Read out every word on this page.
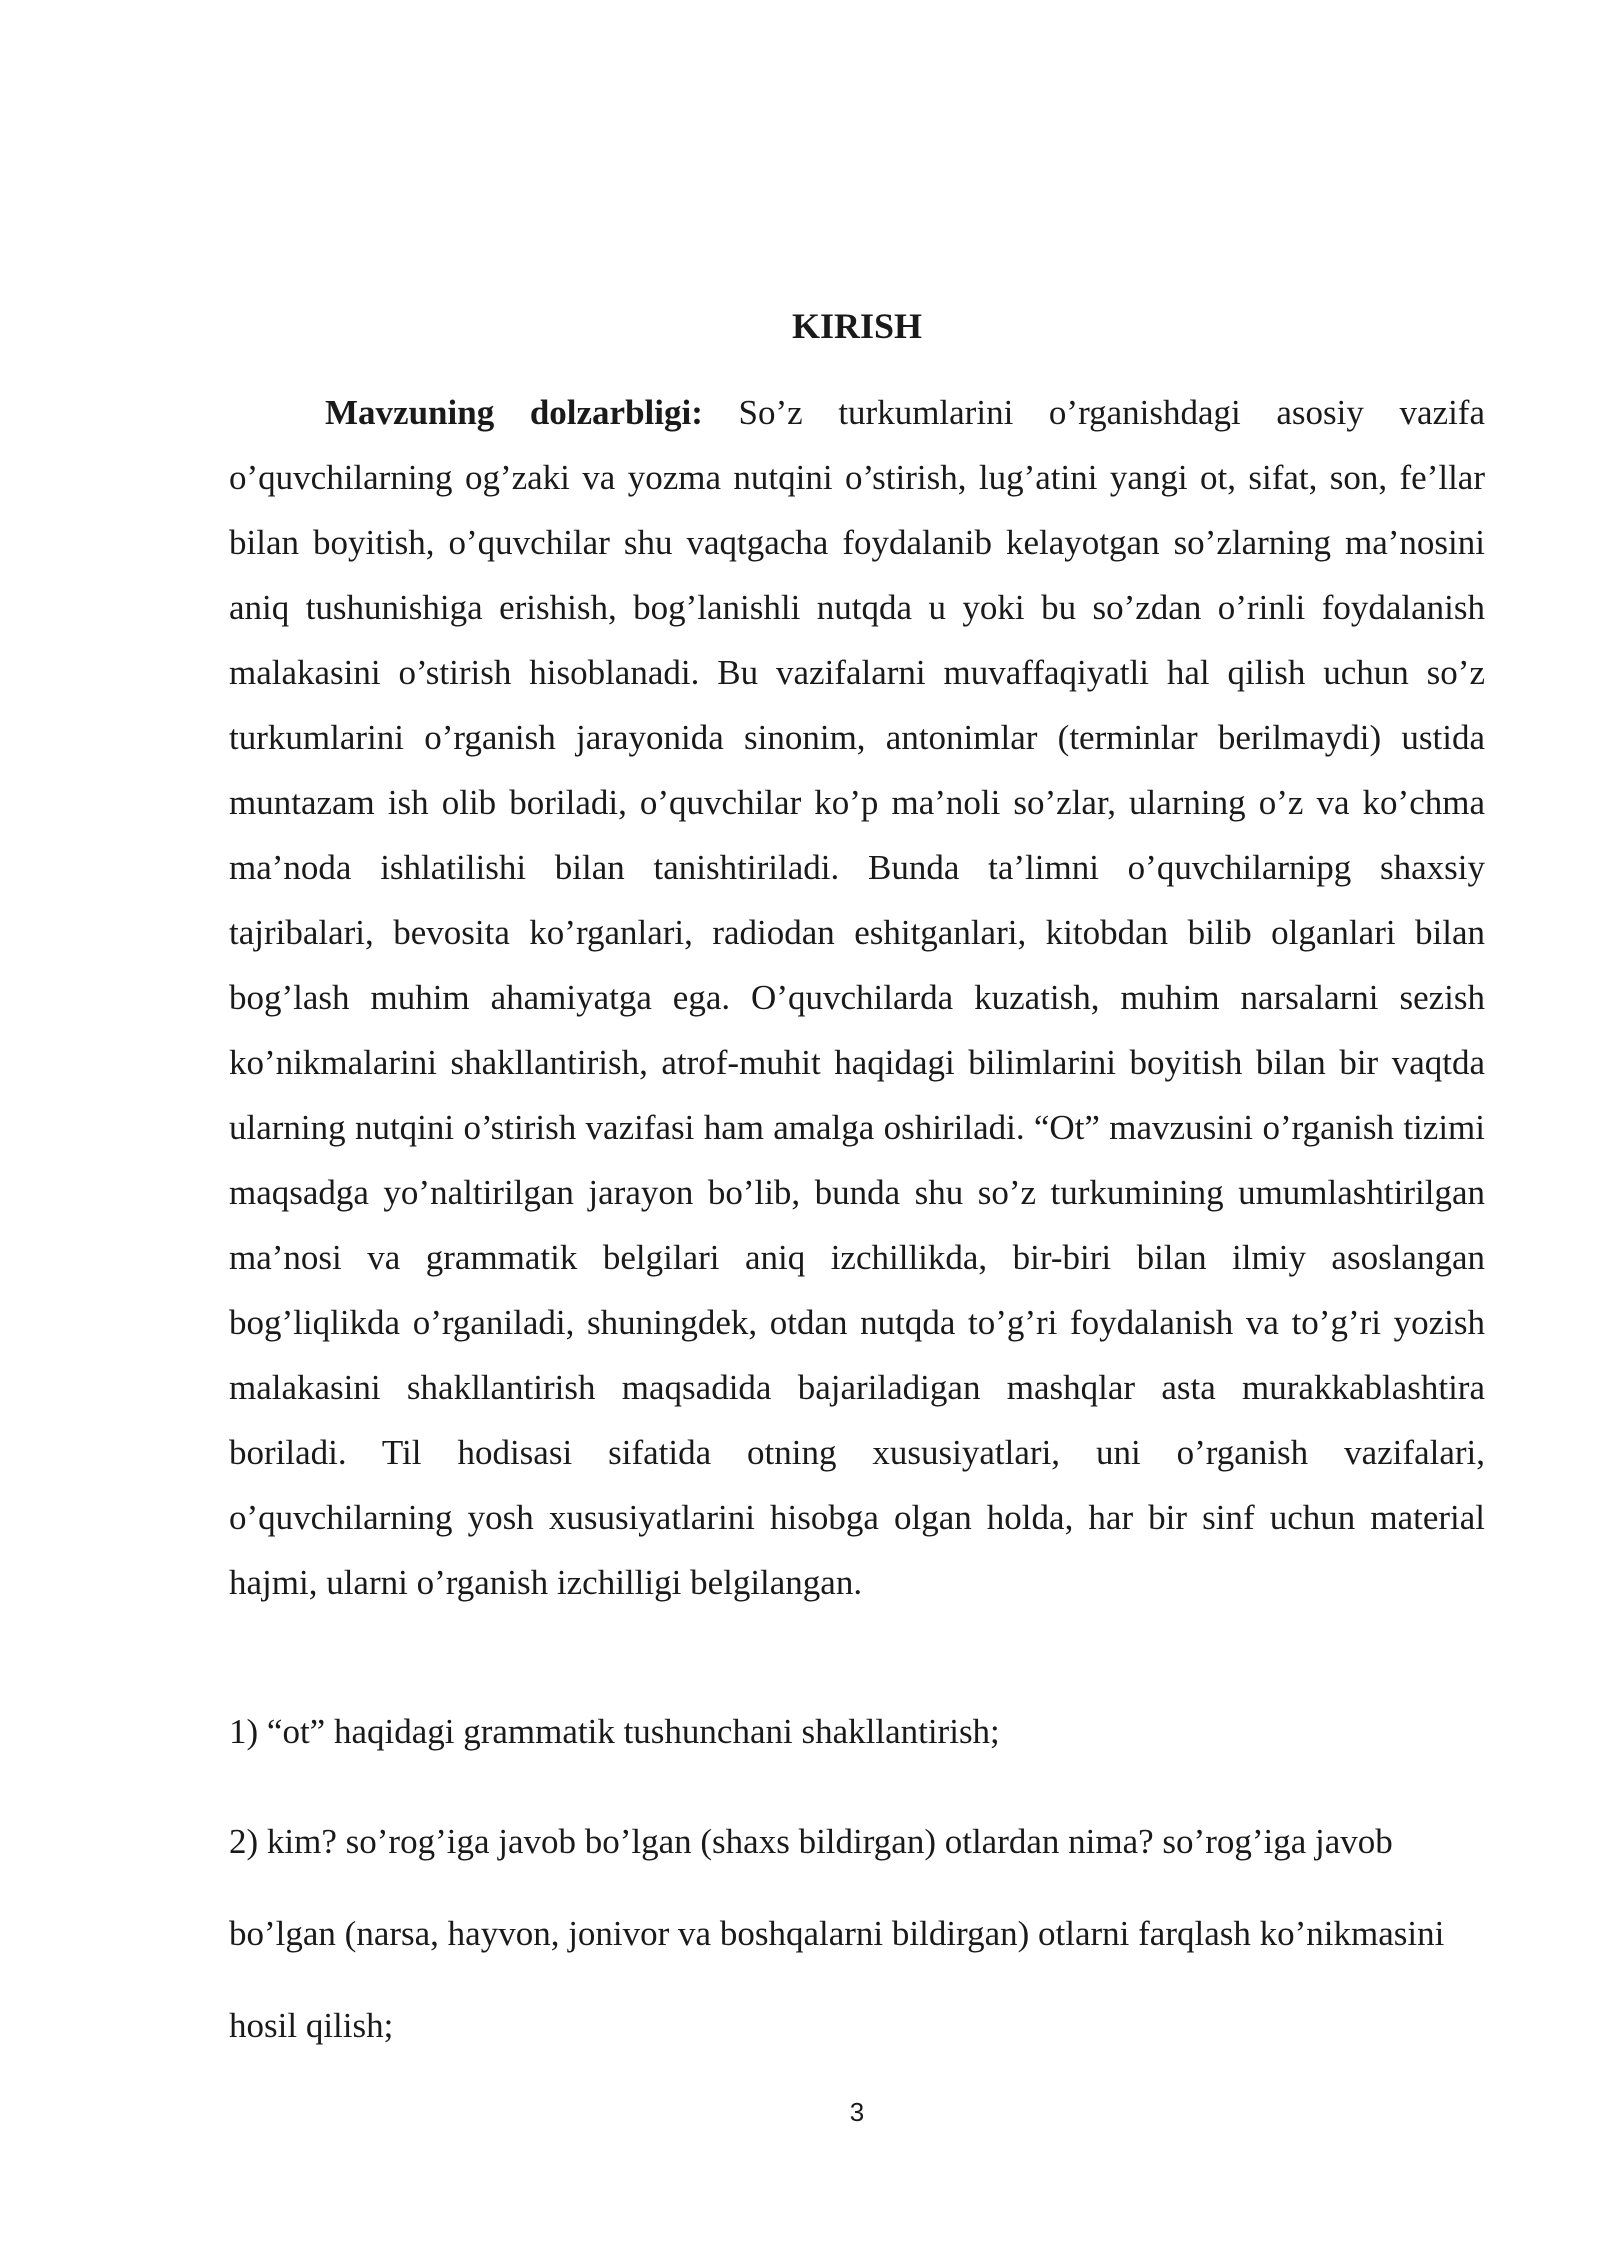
KIRISH

Mavzuning dolzarbligi: So’z turkumlarini o’rganishdagi asosiy vazifa o’quvchilarning og’zaki va yozma nutqini o’stirish, lug’atini yangi ot, sifat, son, fe’llar bilan boyitish, o’quvchilar shu vaqtgacha foydalanib kelayotgan so’zlarning ma’nosini aniq tushunishiga erishish, bog’lanishli nutqda u yoki bu so’zdan o’rinli foydalanish malakasini o’stirish hisoblanadi. Bu vazifalarni muvaffaqiyatli hal qilish uchun so’z turkumlarini o’rganish jarayonida sinonim, antonimlar (terminlar berilmaydi) ustida muntazam ish olib boriladi, o’quvchilar ko’p ma’noli so’zlar, ularning o’z va ko’chma ma’noda ishlatilishi bilan tanishtiriladi. Bunda ta’limni o’quvchilarnipg shaxsiy tajribalari, bevosita ko’rganlari, radiodan eshitganlari, kitobdan bilib olganlari bilan bog’lash muhim ahamiyatga ega. O’quvchilarda kuzatish, muhim narsalarni sezish ko’nikmalarini shakllantirish, atrof-muhit haqidagi bilimlarini boyitish bilan bir vaqtda ularning nutqini o’stirish vazifasi ham amalga oshiriladi. “Ot” mavzusini o’rganish tizimi maqsadga yo’naltirilgan jarayon bo’lib, bunda shu so’z turkumining umumlashtirilgan ma’nosi va grammatik belgilari aniq izchillikda, bir-biri bilan ilmiy asoslangan bog’liqlikda o’rganiladi, shuningdek, otdan nutqda to’g’ri foydalanish va to’g’ri yozish malakasini shakllantirish maqsadida bajariladigan mashqlar asta murakkablashtira boriladi. Til hodisasi sifatida otning xususiyatlari, uni o’rganish vazifalari, o’quvchilarning yosh xususiyatlarini hisobga olgan holda, har bir sinf uchun material hajmi, ularni o’rganish izchilligi belgilangan.

1) “ot” haqidagi grammatik tushunchani shakllantirish;

2) kim? so’rog’iga javob bo’lgan (shaxs bildirgan) otlardan nima? so’rog’iga javob bo’lgan (narsa, hayvon, jonivor va boshqalarni bildirgan) otlarni farqlash ko’nikmasini hosil qilish;

3
